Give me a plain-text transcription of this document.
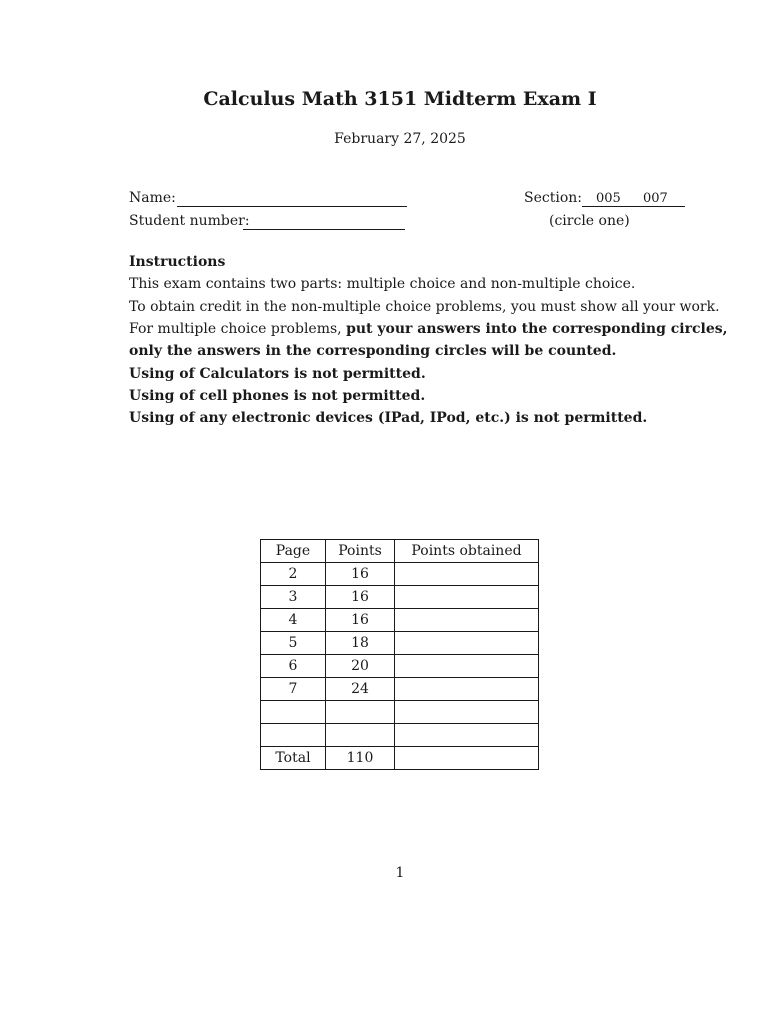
Calculus Math 3151 Midterm Exam I
February 27, 2025
Name:
Student number:
Section: 005 007
(circle one)
Instructions
This exam contains two parts: multiple choice and non-multiple choice.
To obtain credit in the non-multiple choice problems, you must show all your work.
For multiple choice problems, put your answers into the corresponding circles,
only the answers in the corresponding circles will be counted.
Using of Calculators is not permitted.
Using of cell phones is not permitted.
Using of any electronic devices (IPad, IPod, etc.) is not permitted.
Page	Points	Points obtained
2	16	
3	16	
4	16	
5	18	
6	20	
7	24	

Total	110	
1
